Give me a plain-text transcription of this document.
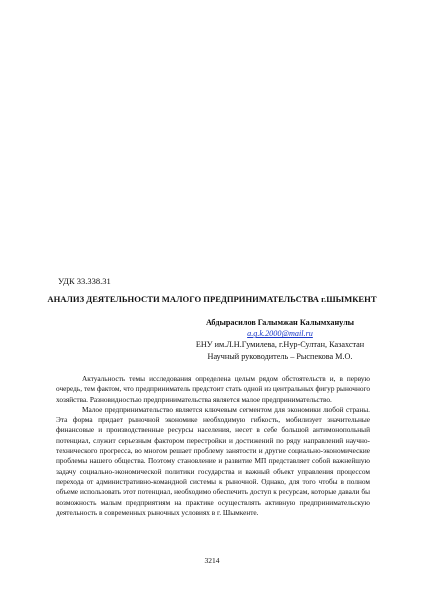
УДК 33.338.31
АНАЛИЗ ДЕЯТЕЛЬНОСТИ МАЛОГО ПРЕДПРИНИМАТЕЛЬСТВА г.ШЫМКЕНТ
Абдырасилов Галымжан Калымханулы
a.g.k.2000@mail.ru
ЕНУ им.Л.Н.Гумилева, г.Нур-Султан, Казахстан
Научный руководитель – Рыспекова М.О.

Актуальность темы исследования определена целым рядом обстоятельств и, в первую очередь, тем фактом, что предприниматель предстоит стать одной из центральных фигур рыночного хозяйства. Разновидностью предпринимательства является малое предпринимательство.

Малое предпринимательство является ключевым сегментом для экономики любой страны. Эта форма придает рыночной экономике необходимую гибкость, мобилизует значительные финансовые и производственные ресурсы населения, несет в себе большой антимонопольный потенциал, служит серьезным фактором перестройки и достижений по ряду направлений научно-технического прогресса, во многом решает проблему занятости и другие социально-экономические проблемы нашего общества. Поэтому становление и развитие МП представляет собой важнейшую задачу социально-экономической политики государства и важный объект управления процессом перехода от административно-командной системы к рыночной. Однако, для того чтобы в полном объеме использовать этот потенциал, необходимо обеспечить доступ к ресурсам, которые давали бы возможность малым предприятиям на практике осуществлять активную предпринимательскую деятельность в современных рыночных условиях в г. Шымкенте.

3214
